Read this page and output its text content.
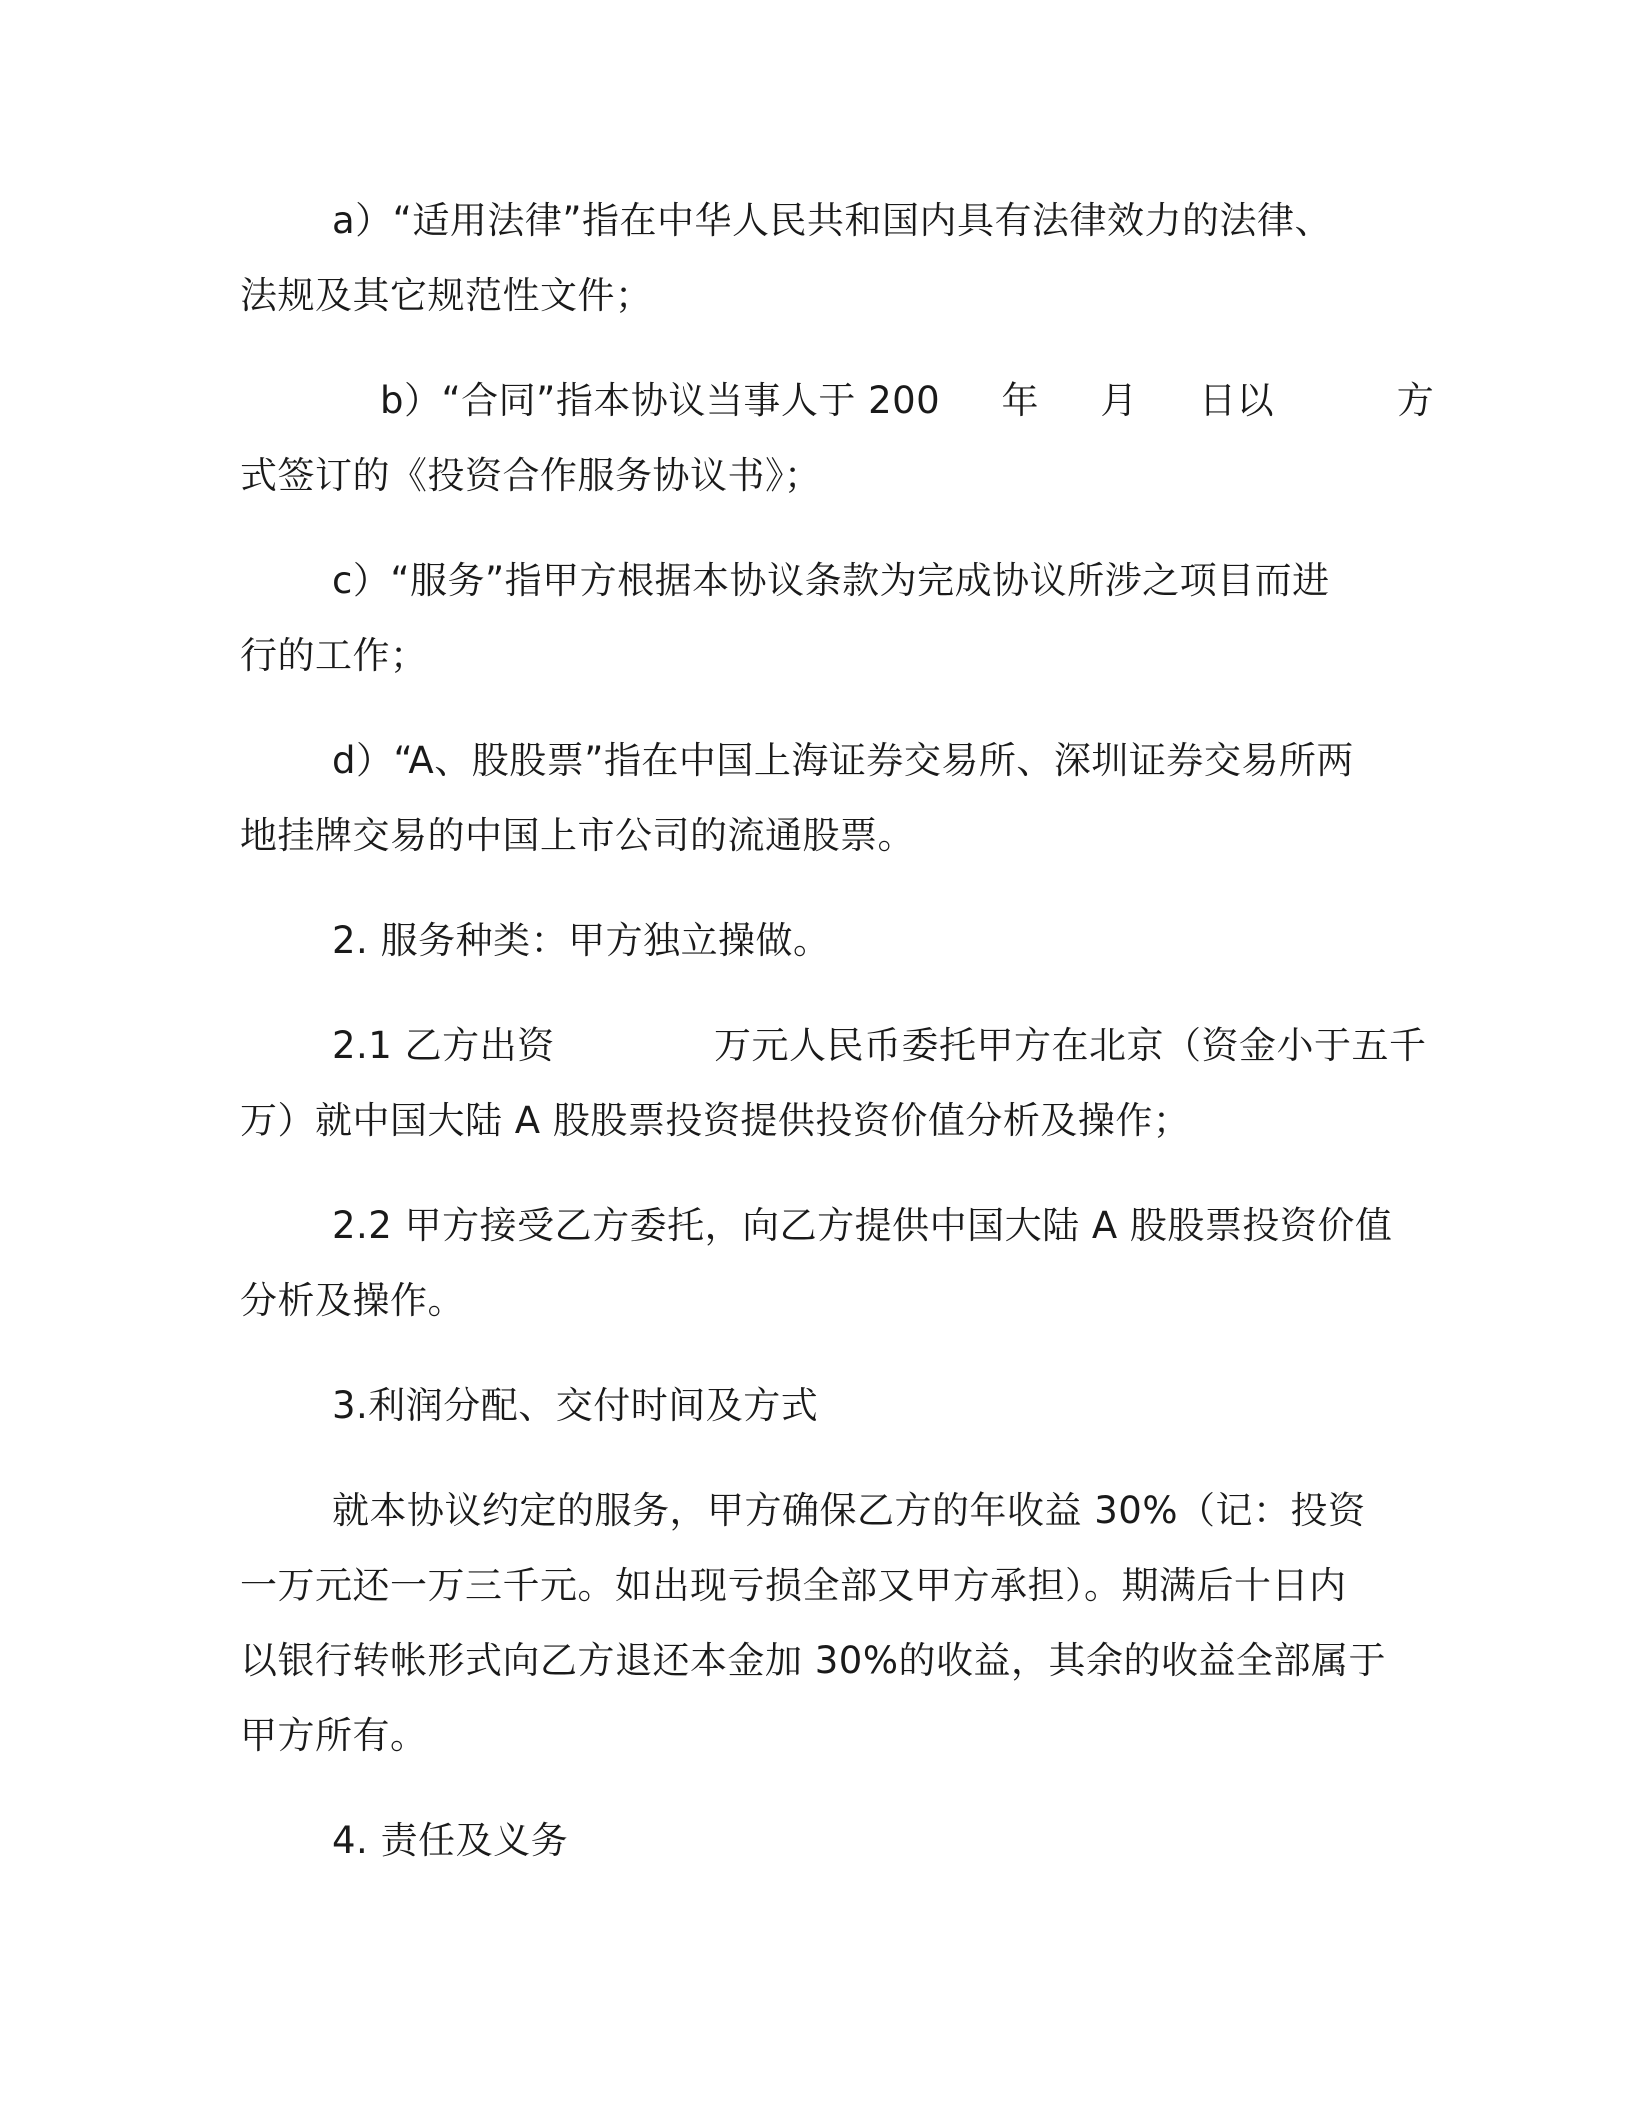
a）“适用法律”指在中华人民共和国内具有法律效力的法律、
法规及其它规范性文件；
b）“合同”指本协议当事人于 200     年     月     日以          方
式签订的《投资合作服务协议书》；
c）“服务”指甲方根据本协议条款为完成协议所涉之项目而进
行的工作；
d）“A、股股票”指在中国上海证券交易所、深圳证券交易所两
地挂牌交易的中国上市公司的流通股票。
2. 服务种类：甲方独立操做。
2.1 乙方出资             万元人民币委托甲方在北京（资金小于五千
万）就中国大陆 A 股股票投资提供投资价值分析及操作；
2.2 甲方接受乙方委托，向乙方提供中国大陆 A 股股票投资价值
分析及操作。
3.利润分配、交付时间及方式
就本协议约定的服务，甲方确保乙方的年收益 30%（记：投资
一万元还一万三千元。如出现亏损全部又甲方承担）。期满后十日内
以银行转帐形式向乙方退还本金加 30%的收益，其余的收益全部属于
甲方所有。
4. 责任及义务
